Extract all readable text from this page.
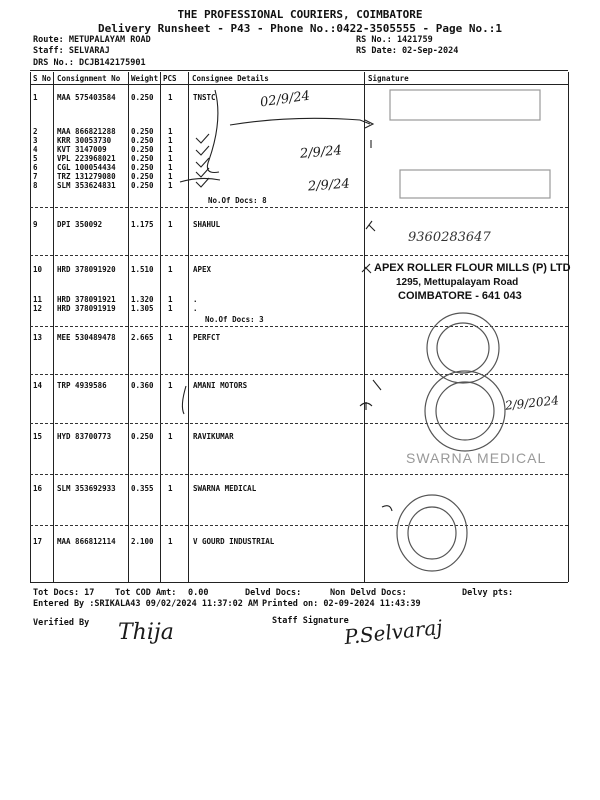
THE PROFESSIONAL COURIERS, COIMBATORE
Delivery Runsheet - P43 - Phone No.:0422-3505555 - Page No.:1
Route: METUPALAYAM ROAD
Staff: SELVARAJ
DRS No.: DCJB142175901
RS No.: 1421759
RS Date: 02-Sep-2024
S No Consignment No Weight PCS Consignee Details	Signature
1	MAA 575403584 0.250 1	TNSTC
2	MAA 866821288 0.250 1
3	KRR 30053730	0.250 1
4	KVT 3147009	0.250 1
5	VPL 223968021 0.250 1
6	CGL 100054434 0.250 1
7	TRZ 131279080 0.250 1
8	SLM 353624831 0.250 1
9	DPI 350092	1.175 1	SHAHUL
10 HRD 378091920 1.510 1	APEX
11 HRD 378091921 1.320 1	.
12 HRD 378091919 1.305 1	.
13 MEE 530489478 2.665 1	PERFCT
14 TRP 4939586	0.360 1	AMANI MOTORS
15 HYD 83700773	0.250 1	RAVIKUMAR
16 SLM 353692933 0.355 1	SWARNA MEDICAL
17 MAA 866812114 2.100 1	V GOURD INDUSTRIAL
No.Of Docs: 8
No.Of Docs: 3
02/9/24
2/9/24
2/9/24
9360283647
2/9/2024
APEX ROLLER FLOUR MILLS (P) LTD
1295, Mettupalayam Road
COIMBATORE - 641 043
SWARNA MEDICAL
Tot Docs: 17 Tot COD Amt: 0.00	Delvd Docs:	Non Delvd Docs:	Delvy pts:
Entered By :SRIKALA43 09/02/2024 11:37:02 AM Printed on: 02-09-2024 11:43:39
Verified By	Staff Signature
Thija	P.Selvaraj
